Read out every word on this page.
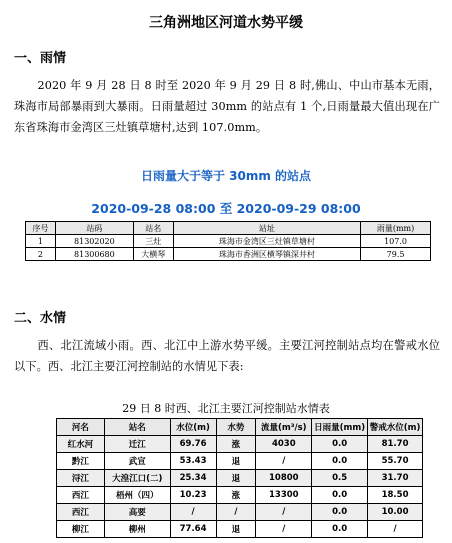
三角洲地区河道水势平缓
一、雨情
2020 年 9 月 28 日 8 时至 2020 年 9 月 29 日 8 时,佛山、中山市基本无雨，珠海市局部暴雨到大暴雨。日雨量超过 30mm 的站点有 1 个,日雨量最大值出现在广东省珠海市金湾区三灶镇草塘村,达到 107.0mm。
日雨量大于等于 30mm 的站点
2020-09-28 08:00 至 2020-09-29 08:00
序号	站码	站名	站址	雨量(mm)
1	81302020	三灶	珠海市金湾区三灶镇草塘村	107.0
2	81300680	大横琴	珠海市香洲区横琴镇深井村	79.5
二、水情
西、北江流域小雨。西、北江中上游水势平缓。主要江河控制站点均在警戒水位以下。西、北江主要江河控制站的水情见下表:
29 日 8 时西、北江主要江河控制站水情表
河名	站名	水位(m)	水势	流量(m³/s)	日雨量(mm)	警戒水位(m)
红水河	迁江	69.76	涨	4030	0.0	81.70
黔江	武宣	53.43	退	/	0.0	55.70
浔江	大湟江口(二)	25.34	退	10800	0.5	31.70
西江	梧州（四）	10.23	涨	13300	0.0	18.50
西江	高要	/	/	/	0.0	10.00
柳江	柳州	77.64	退	/	0.0	/
